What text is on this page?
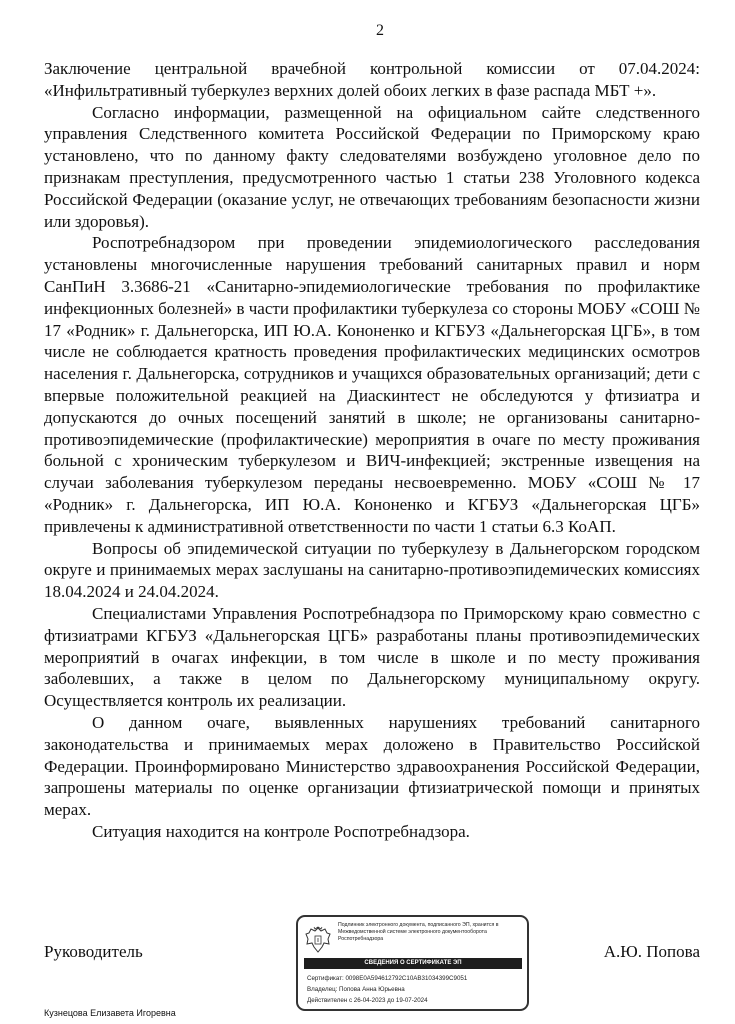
2

Заключение центральной врачебной контрольной комиссии от 07.04.2024: «Инфильтративный туберкулез верхних долей обоих легких в фазе распада МБТ +».

Согласно информации, размещенной на официальном сайте следственного управления Следственного комитета Российской Федерации по Приморскому краю установлено, что по данному факту следователями возбуждено уголовное дело по признакам преступления, предусмотренного частью 1 статьи 238 Уголовного кодекса Российской Федерации (оказание услуг, не отвечающих требованиям безопасности жизни или здоровья).

Роспотребнадзором при проведении эпидемиологического расследования установлены многочисленные нарушения требований санитарных правил и норм СанПиН 3.3686-21 «Санитарно-эпидемиологические требования по профилактике инфекционных болезней» в части профилактики туберкулеза со стороны МОБУ «СОШ № 17 «Родник» г. Дальнегорска, ИП Ю.А. Кононенко и КГБУЗ «Дальнегорская ЦГБ», в том числе не соблюдается кратность проведения профилактических медицинских осмотров населения г. Дальнегорска, сотрудников и учащихся образовательных организаций; дети с впервые положительной реакцией на Диаскинтест не обследуются у фтизиатра и допускаются до очных посещений занятий в школе; не организованы санитарно-противоэпидемические (профилактические) мероприятия в очаге по месту проживания больной с хроническим туберкулезом и ВИЧ-инфекцией; экстренные извещения на случаи заболевания туберкулезом переданы несвоевременно. МОБУ «СОШ № 17 «Родник» г. Дальнегорска, ИП Ю.А. Кононенко и КГБУЗ «Дальнегорская ЦГБ» привлечены к административной ответственности по части 1 статьи 6.3 КоАП.

Вопросы об эпидемической ситуации по туберкулезу в Дальнегорском городском округе и принимаемых мерах заслушаны на санитарно-противоэпидемических комиссиях 18.04.2024 и 24.04.2024.

Специалистами Управления Роспотребнадзора по Приморскому краю совместно с фтизиатрами КГБУЗ «Дальнегорская ЦГБ» разработаны планы противоэпидемических мероприятий в очагах инфекции, в том числе в школе и по месту проживания заболевших, а также в целом по Дальнегорскому муниципальному округу. Осуществляется контроль их реализации.

О данном очаге, выявленных нарушениях требований санитарного законодательства и принимаемых мерах доложено в Правительство Российской Федерации. Проинформировано Министерство здравоохранения Российской Федерации, запрошены материалы по оценке организации фтизиатрической помощи и принятых мерах.

Ситуация находится на контроле Роспотребнадзора.

Руководитель	А.Ю. Попова
Подлинник электронного документа, подписанного ЭП, хранится в Межведомственной системе электронного документооборота Роспотребнадзора
СВЕДЕНИЯ О СЕРТИФИКАТЕ ЭП
Сертификат: 0098E0A594612792C10AB31034399C9051
Владелец: Попова Анна Юрьевна
Действителен с 26-04-2023 до 19-07-2024
Кузнецова Елизавета Игоревна
